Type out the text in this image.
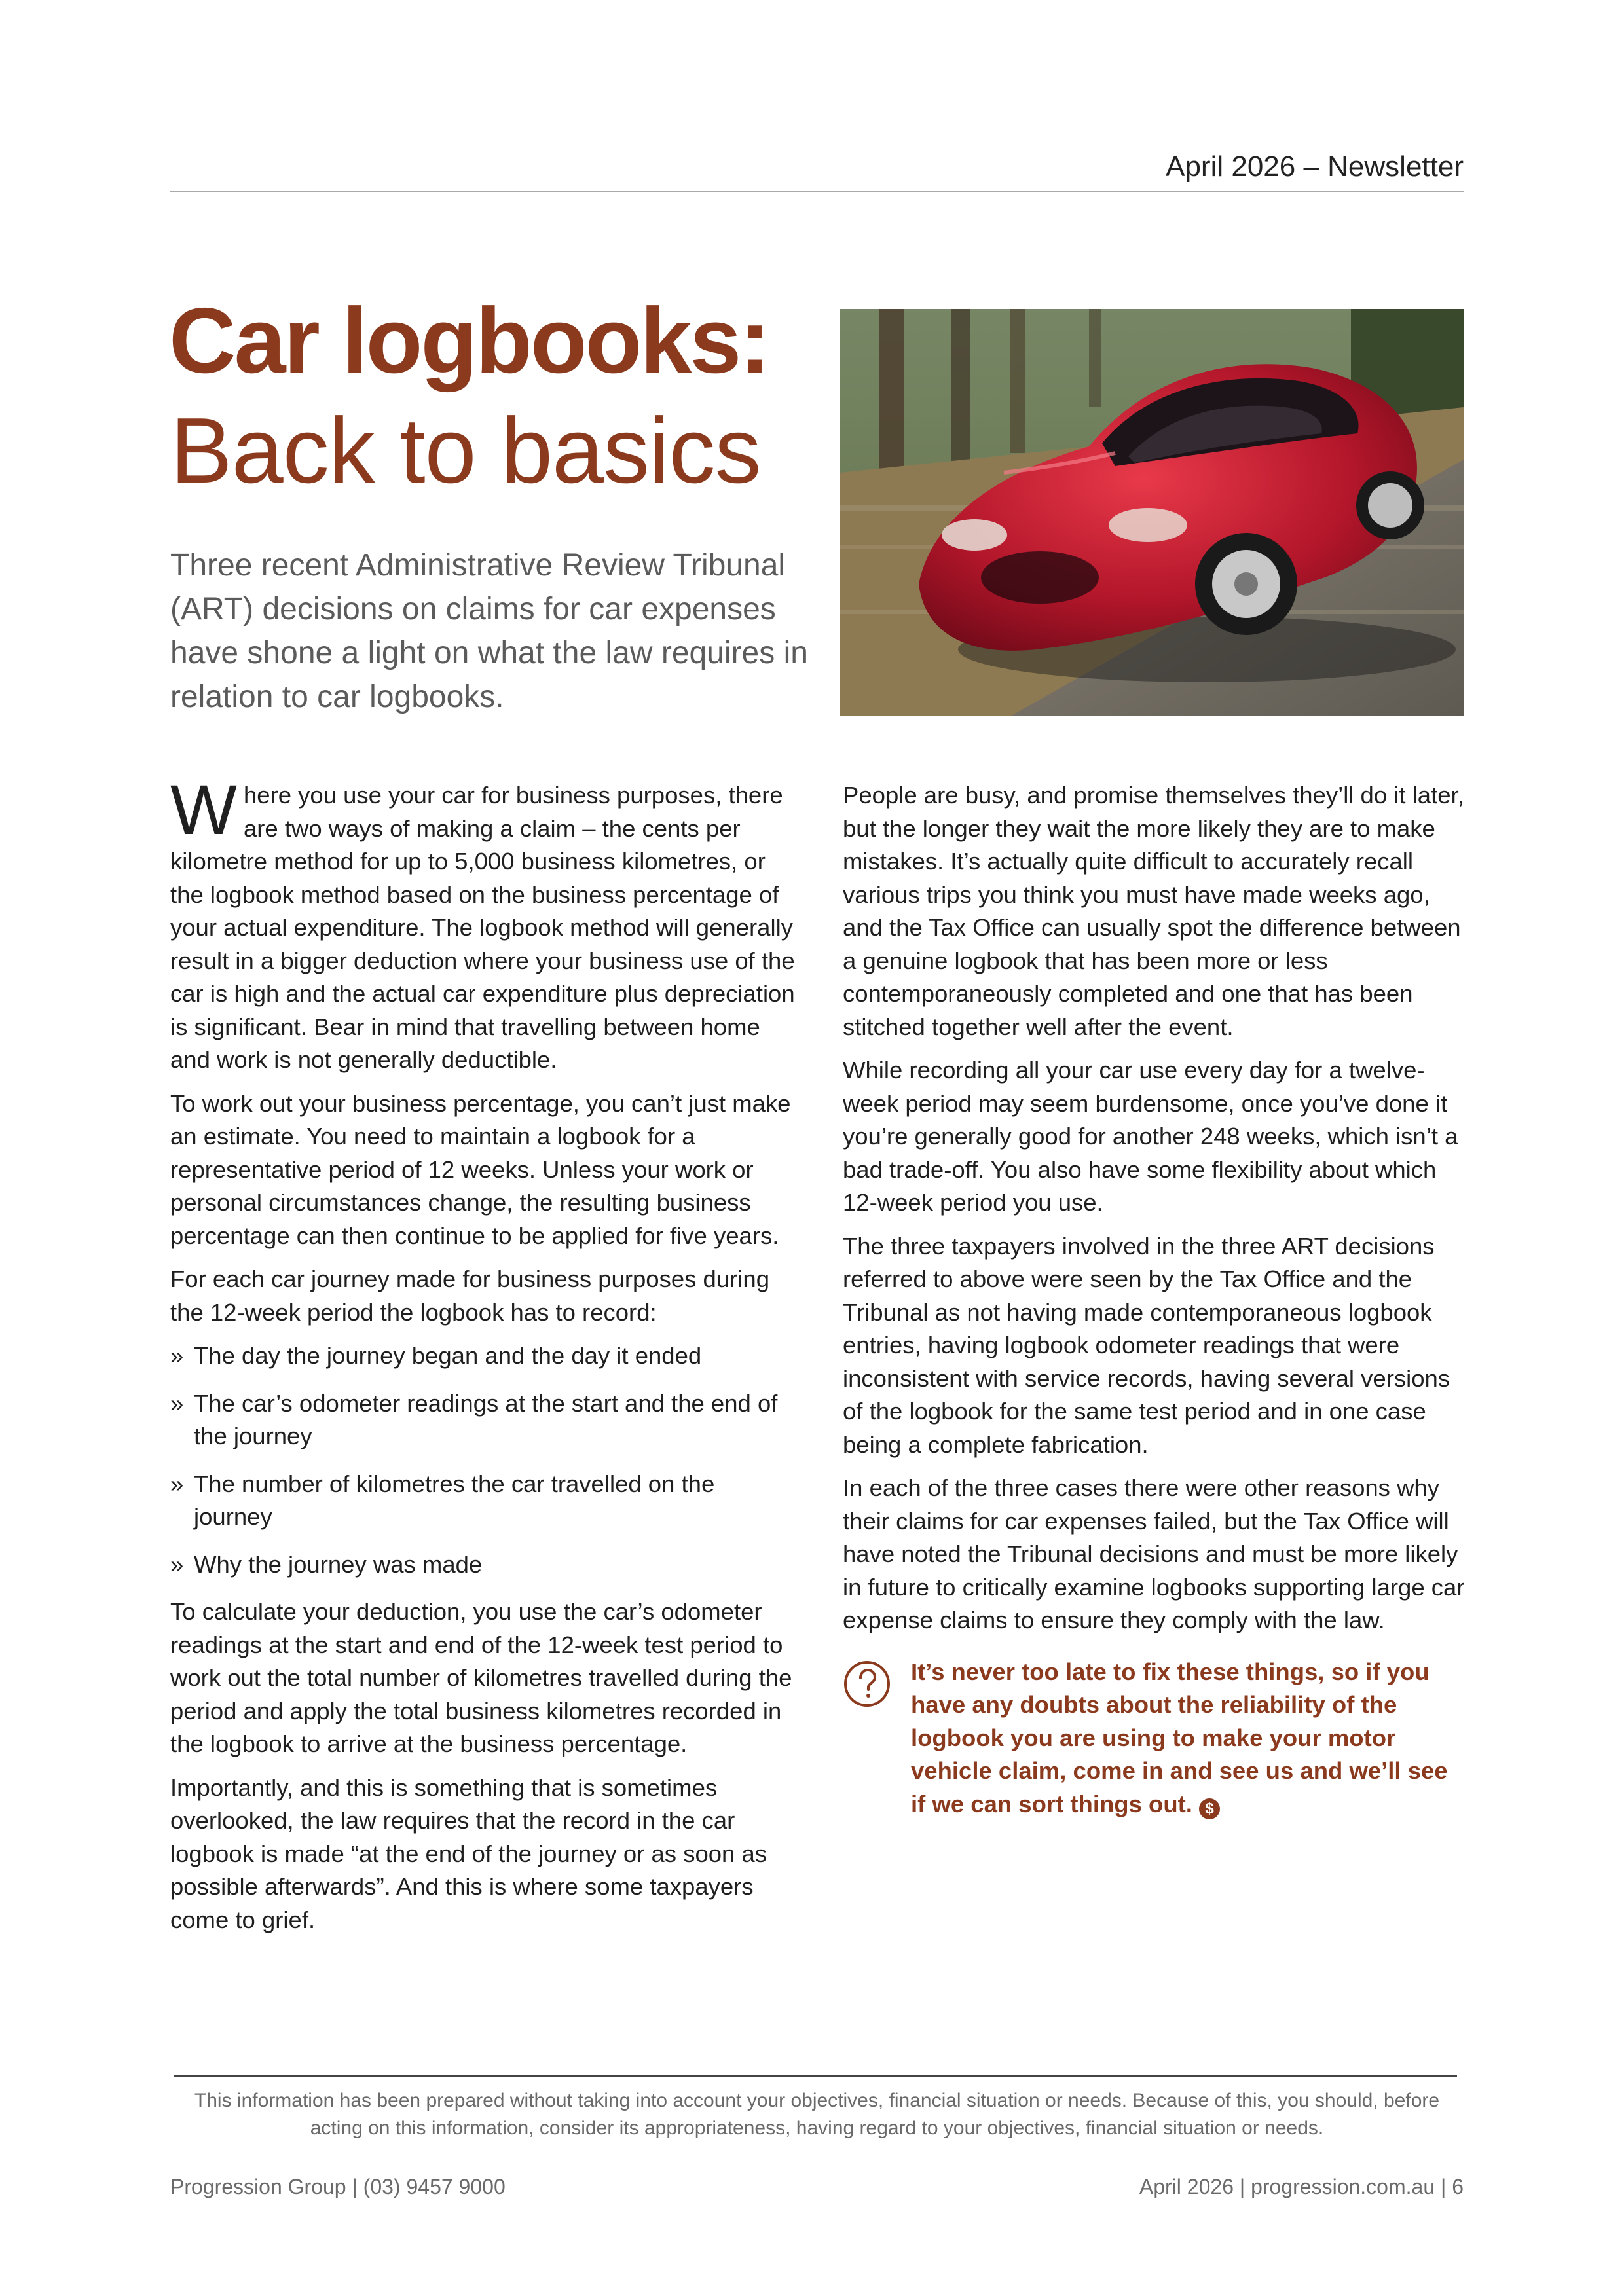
April 2026 – Newsletter
Car logbooks:
Back to basics
Three recent Administrative Review Tribunal (ART) decisions on claims for car expenses have shone a light on what the law requires in relation to car logbooks.

Where you use your car for business purposes, there are two ways of making a claim – the cents per kilometre method for up to 5,000 business kilometres, or the logbook method based on the business percentage of your actual expenditure. The logbook method will generally result in a bigger deduction where your business use of the car is high and the actual car expenditure plus depreciation is significant. Bear in mind that travelling between home and work is not generally deductible.

To work out your business percentage, you can’t just make an estimate. You need to maintain a logbook for a representative period of 12 weeks. Unless your work or personal circumstances change, the resulting business percentage can then continue to be applied for five years.

For each car journey made for business purposes during the 12-week period the logbook has to record:

» The day the journey began and the day it ended
» The car’s odometer readings at the start and the end of the journey
» The number of kilometres the car travelled on the journey
» Why the journey was made

To calculate your deduction, you use the car’s odometer readings at the start and end of the 12-week test period to work out the total number of kilometres travelled during the period and apply the total business kilometres recorded in the logbook to arrive at the business percentage.

Importantly, and this is something that is sometimes overlooked, the law requires that the record in the car logbook is made “at the end of the journey or as soon as possible afterwards”. And this is where some taxpayers come to grief.

People are busy, and promise themselves they’ll do it later, but the longer they wait the more likely they are to make mistakes. It’s actually quite difficult to accurately recall various trips you think you must have made weeks ago, and the Tax Office can usually spot the difference between a genuine logbook that has been more or less contemporaneously completed and one that has been stitched together well after the event.

While recording all your car use every day for a twelve-week period may seem burdensome, once you’ve done it you’re generally good for another 248 weeks, which isn’t a bad trade-off. You also have some flexibility about which 12-week period you use.

The three taxpayers involved in the three ART decisions referred to above were seen by the Tax Office and the Tribunal as not having made contemporaneous logbook entries, having logbook odometer readings that were inconsistent with service records, having several versions of the logbook for the same test period and in one case being a complete fabrication.

In each of the three cases there were other reasons why their claims for car expenses failed, but the Tax Office will have noted the Tribunal decisions and must be more likely in future to critically examine logbooks supporting large car expense claims to ensure they comply with the law.

It’s never too late to fix these things, so if you have any doubts about the reliability of the logbook you are using to make your motor vehicle claim, come in and see us and we’ll see if we can sort things out. $
This information has been prepared without taking into account your objectives, financial situation or needs. Because of this, you should, before acting on this information, consider its appropriateness, having regard to your objectives, financial situation or needs.
Progression Group | (03) 9457 9000	April 2026 | progression.com.au | 6
